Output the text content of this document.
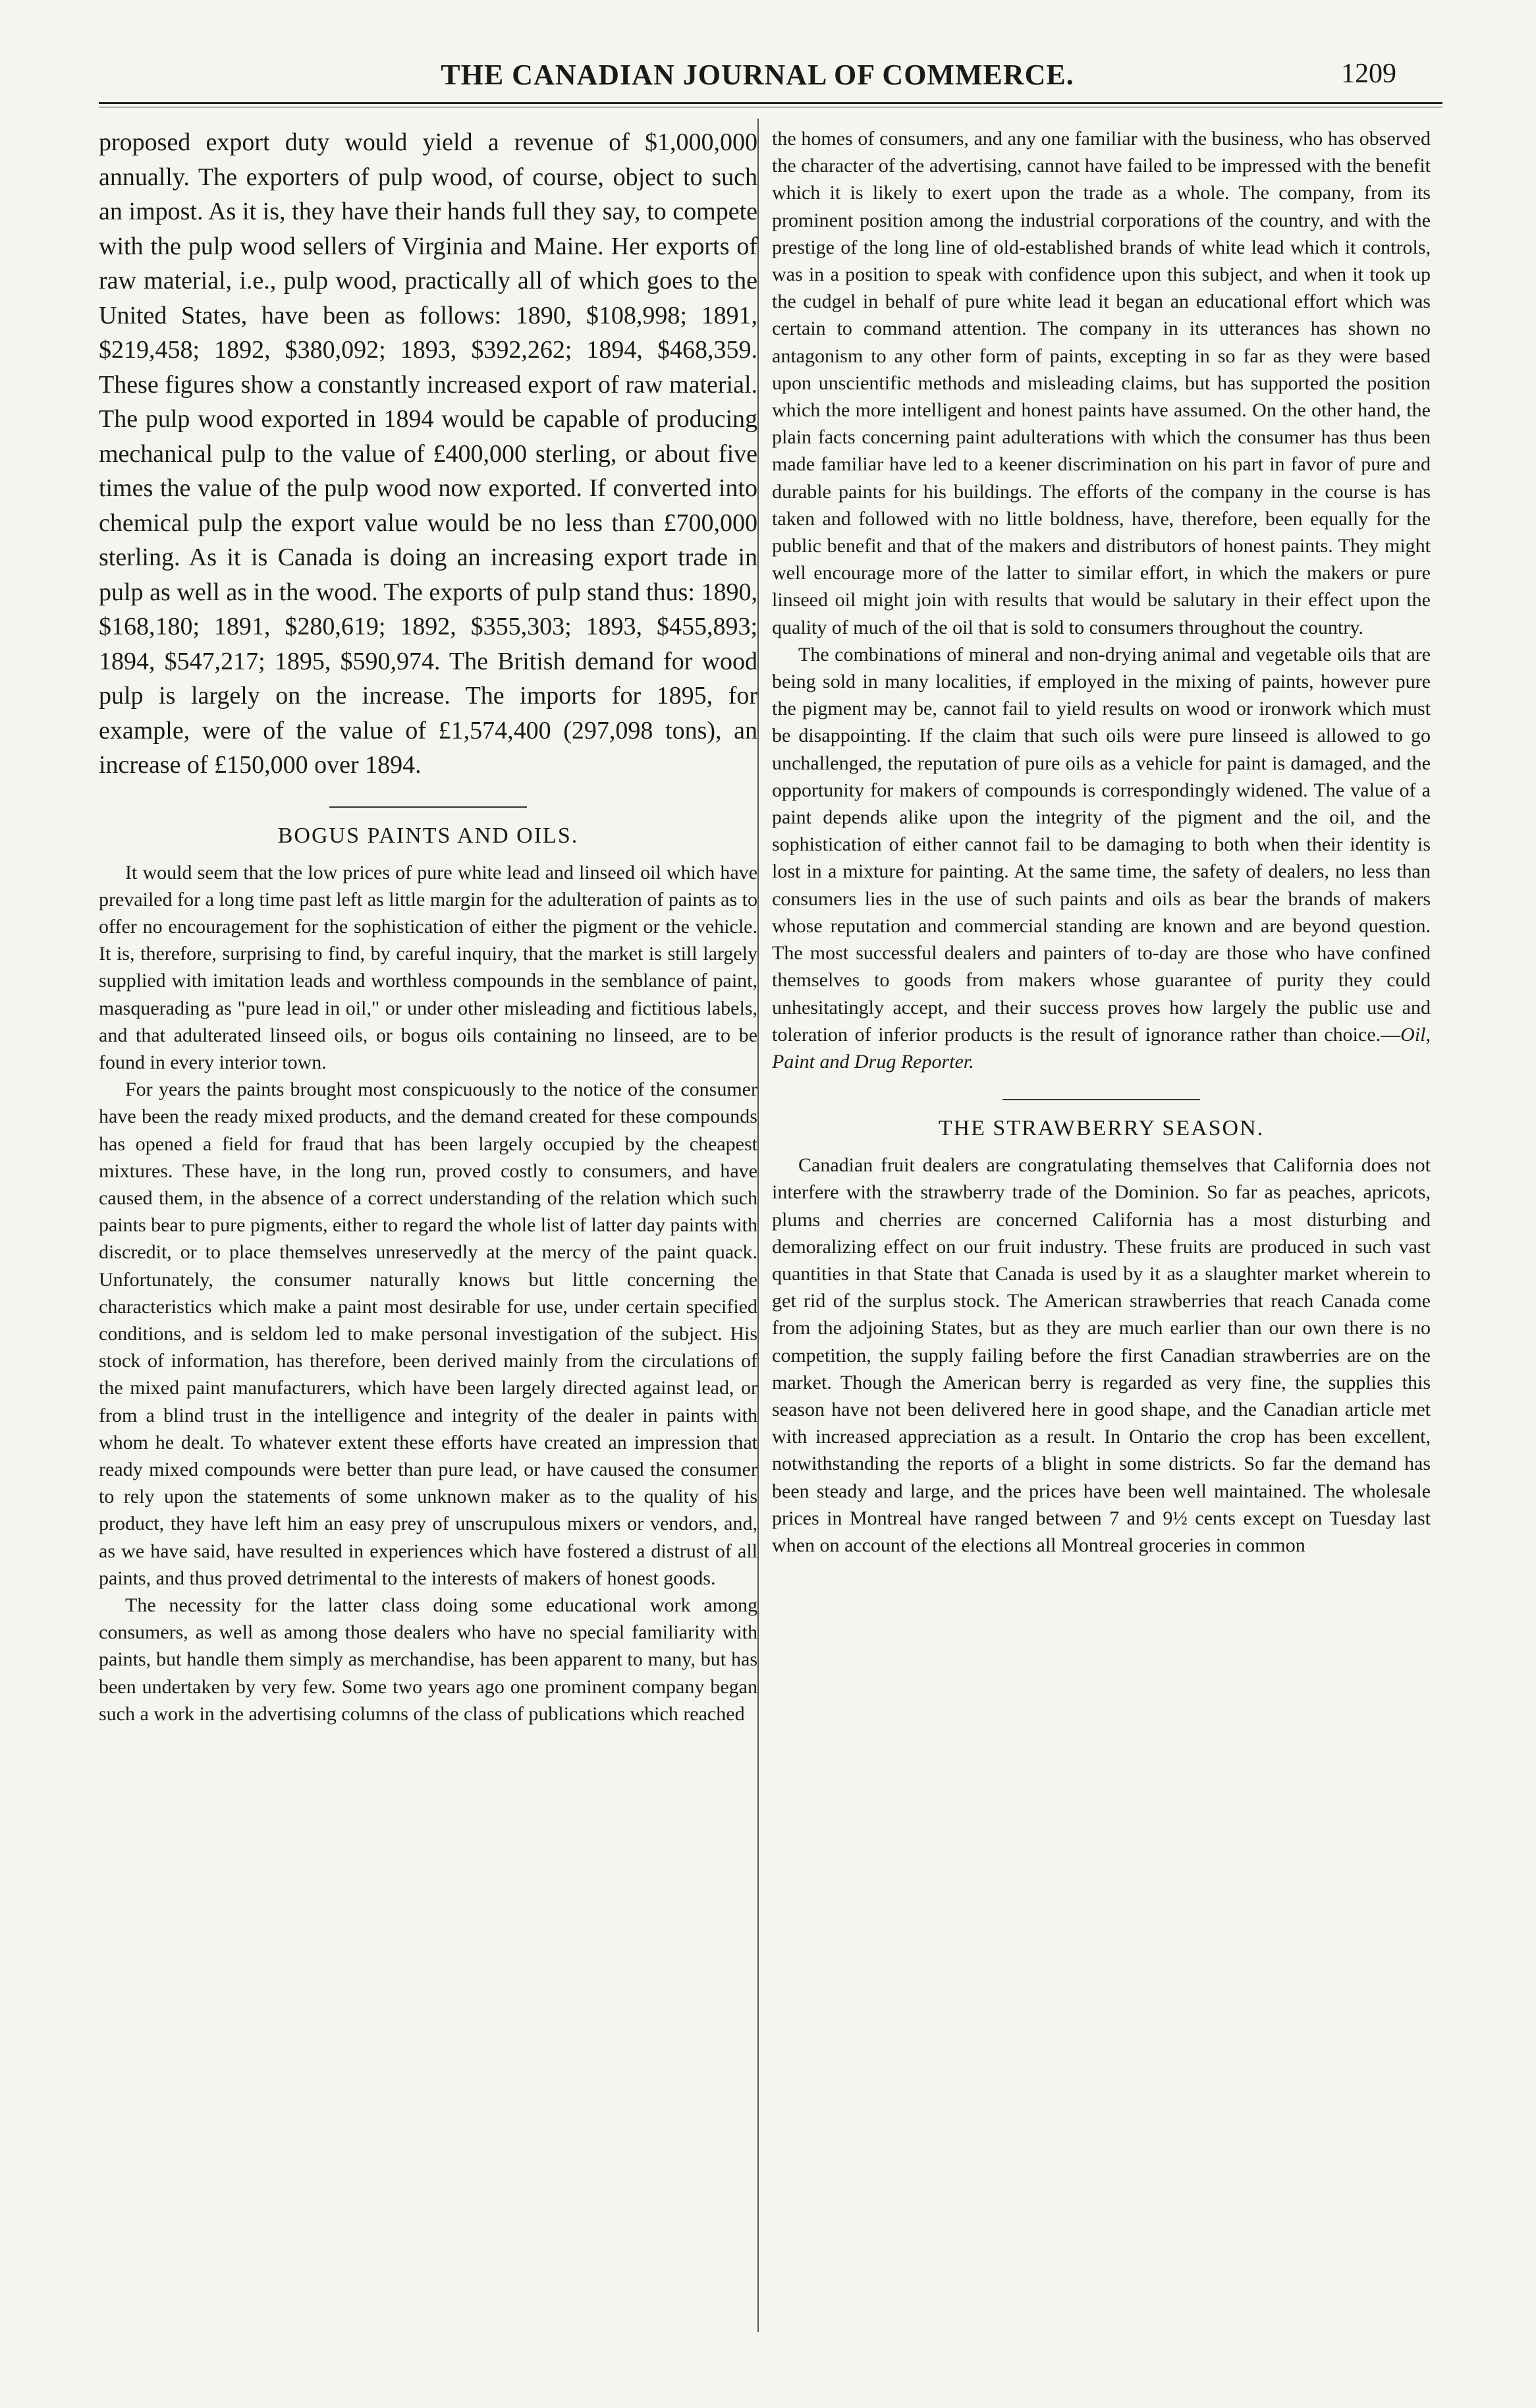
THE CANADIAN JOURNAL OF COMMERCE.	1209

proposed export duty would yield a revenue of $1,000,000 annually. The exporters of pulp wood, of course, object to such an impost. As it is, they have their hands full they say, to compete with the pulp wood sellers of Virginia and Maine. Her exports of raw material, i.e., pulp wood, practically all of which goes to the United States, have been as follows: 1890, $108,998; 1891, $219,458; 1892, $380,092; 1893, $392,262; 1894, $468,359. These figures show a constantly increased export of raw material. The pulp wood exported in 1894 would be capable of producing mechanical pulp to the value of £400,000 sterling, or about five times the value of the pulp wood now exported. If converted into chemical pulp the export value would be no less than £700,000 sterling. As it is Canada is doing an increasing export trade in pulp as well as in the wood. The exports of pulp stand thus: 1890, $168,180; 1891, $280,619; 1892, $355,303; 1893, $455,893; 1894, $547,217; 1895, $590,974. The British demand for wood pulp is largely on the increase. The imports for 1895, for example, were of the value of £1,574,400 (297,098 tons), an increase of £150,000 over 1894.

BOGUS PAINTS AND OILS.

It would seem that the low prices of pure white lead and linseed oil which have prevailed for a long time past left as little margin for the adulteration of paints as to offer no encouragement for the sophistication of either the pigment or the vehicle. It is, therefore, surprising to find, by careful inquiry, that the market is still largely supplied with imitation leads and worthless compounds in the semblance of paint, masquerading as "pure lead in oil," or under other misleading and fictitious labels, and that adulterated linseed oils, or bogus oils containing no linseed, are to be found in every interior town.

For years the paints brought most conspicuously to the notice of the consumer have been the ready mixed products, and the demand created for these compounds has opened a field for fraud that has been largely occupied by the cheapest mixtures. These have, in the long run, proved costly to consumers, and have caused them, in the absence of a correct understanding of the relation which such paints bear to pure pigments, either to regard the whole list of latter day paints with discredit, or to place themselves unreservedly at the mercy of the paint quack. Unfortunately, the consumer naturally knows but little concerning the characteristics which make a paint most desirable for use, under certain specified conditions, and is seldom led to make personal investigation of the subject. His stock of information, has therefore, been derived mainly from the circulations of the mixed paint manufacturers, which have been largely directed against lead, or from a blind trust in the intelligence and integrity of the dealer in paints with whom he dealt. To whatever extent these efforts have created an impression that ready mixed compounds were better than pure lead, or have caused the consumer to rely upon the statements of some unknown maker as to the quality of his product, they have left him an easy prey of unscrupulous mixers or vendors, and, as we have said, have resulted in experiences which have fostered a distrust of all paints, and thus proved detrimental to the interests of makers of honest goods.

The necessity for the latter class doing some educational work among consumers, as well as among those dealers who have no special familiarity with paints, but handle them simply as merchandise, has been apparent to many, but has been undertaken by very few. Some two years ago one prominent company began such a work in the advertising columns of the class of publications which reached

the homes of consumers, and any one familiar with the business, who has observed the character of the advertising, cannot have failed to be impressed with the benefit which it is likely to exert upon the trade as a whole. The company, from its prominent position among the industrial corporations of the country, and with the prestige of the long line of old-established brands of white lead which it controls, was in a position to speak with confidence upon this subject, and when it took up the cudgel in behalf of pure white lead it began an educational effort which was certain to command attention. The company in its utterances has shown no antagonism to any other form of paints, excepting in so far as they were based upon unscientific methods and misleading claims, but has supported the position which the more intelligent and honest paints have assumed. On the other hand, the plain facts concerning paint adulterations with which the consumer has thus been made familiar have led to a keener discrimination on his part in favor of pure and durable paints for his buildings. The efforts of the company in the course is has taken and followed with no little boldness, have, therefore, been equally for the public benefit and that of the makers and distributors of honest paints. They might well encourage more of the latter to similar effort, in which the makers or pure linseed oil might join with results that would be salutary in their effect upon the quality of much of the oil that is sold to consumers throughout the country.

The combinations of mineral and non-drying animal and vegetable oils that are being sold in many localities, if employed in the mixing of paints, however pure the pigment may be, cannot fail to yield results on wood or ironwork which must be disappointing. If the claim that such oils were pure linseed is allowed to go unchallenged, the reputation of pure oils as a vehicle for paint is damaged, and the opportunity for makers of compounds is correspondingly widened. The value of a paint depends alike upon the integrity of the pigment and the oil, and the sophistication of either cannot fail to be damaging to both when their identity is lost in a mixture for painting. At the same time, the safety of dealers, no less than consumers lies in the use of such paints and oils as bear the brands of makers whose reputation and commercial standing are known and are beyond question. The most successful dealers and painters of to-day are those who have confined themselves to goods from makers whose guarantee of purity they could unhesitatingly accept, and their success proves how largely the public use and toleration of inferior products is the result of ignorance rather than choice.—Oil, Paint and Drug Reporter.

THE STRAWBERRY SEASON.

Canadian fruit dealers are congratulating themselves that California does not interfere with the strawberry trade of the Dominion. So far as peaches, apricots, plums and cherries are concerned California has a most disturbing and demoralizing effect on our fruit industry. These fruits are produced in such vast quantities in that State that Canada is used by it as a slaughter market wherein to get rid of the surplus stock. The American strawberries that reach Canada come from the adjoining States, but as they are much earlier than our own there is no competition, the supply failing before the first Canadian strawberries are on the market. Though the American berry is regarded as very fine, the supplies this season have not been delivered here in good shape, and the Canadian article met with increased appreciation as a result. In Ontario the crop has been excellent, notwithstanding the reports of a blight in some districts. So far the demand has been steady and large, and the prices have been well maintained. The wholesale prices in Montreal have ranged between 7 and 9½ cents except on Tuesday last when on account of the elections all Montreal groceries in common
